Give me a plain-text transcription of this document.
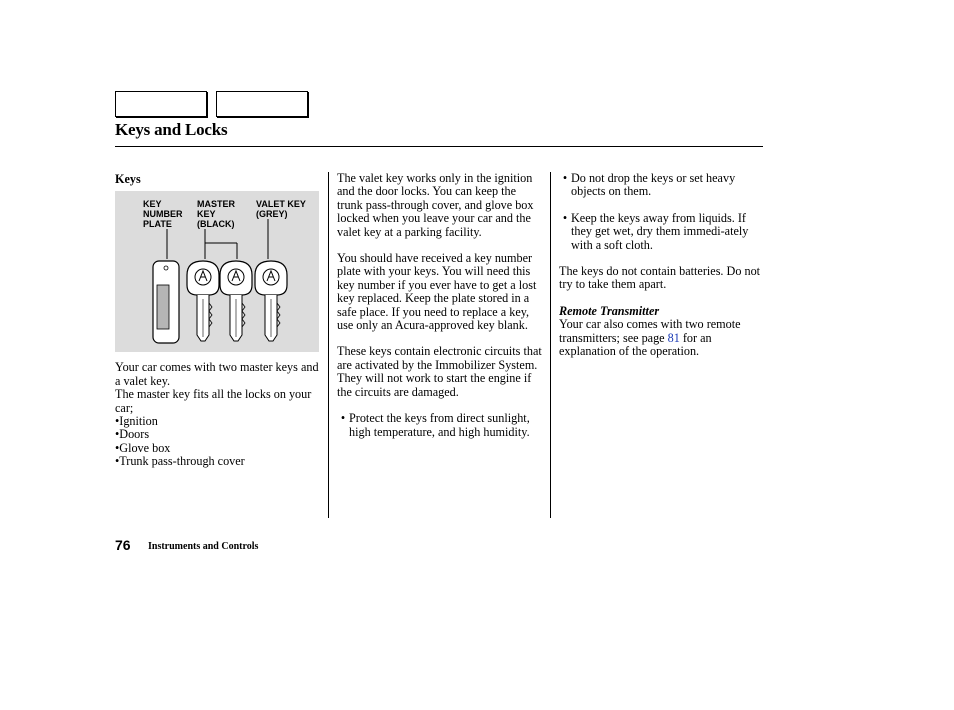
Keys and Locks

Keys

Your car comes with two master keys and a valet key.

The master key fits all the locks on your car;

•Ignition

•Doors

•Glove box

•Trunk pass-through cover

KEY
NUMBER
PLATE
MASTER
KEY
(BLACK)
VALET KEY
(GREY)

The valet key works only in the ignition and the door locks. You can keep the trunk pass-through cover, and glove box locked when you leave your car and the valet key at a parking facility.

You should have received a key number plate with your keys. You will need this key number if you ever have to get a lost key replaced. Keep the plate stored in a safe place. If you need to replace a key, use only an Acura-approved key blank.

These keys contain electronic circuits that are activated by the Immobilizer System. They will not work to start the engine if the circuits are damaged.

• Protect the keys from direct sunlight, high temperature, and high humidity.
• Do not drop the keys or set heavy objects on them.
• Keep the keys away from liquids. If they get wet, dry them immedi-ately with a soft cloth.

The keys do not contain batteries. Do not try to take them apart.

Remote Transmitter

Your car also comes with two remote transmitters; see page 81 for an explanation of the operation.

76 Instruments and Controls
